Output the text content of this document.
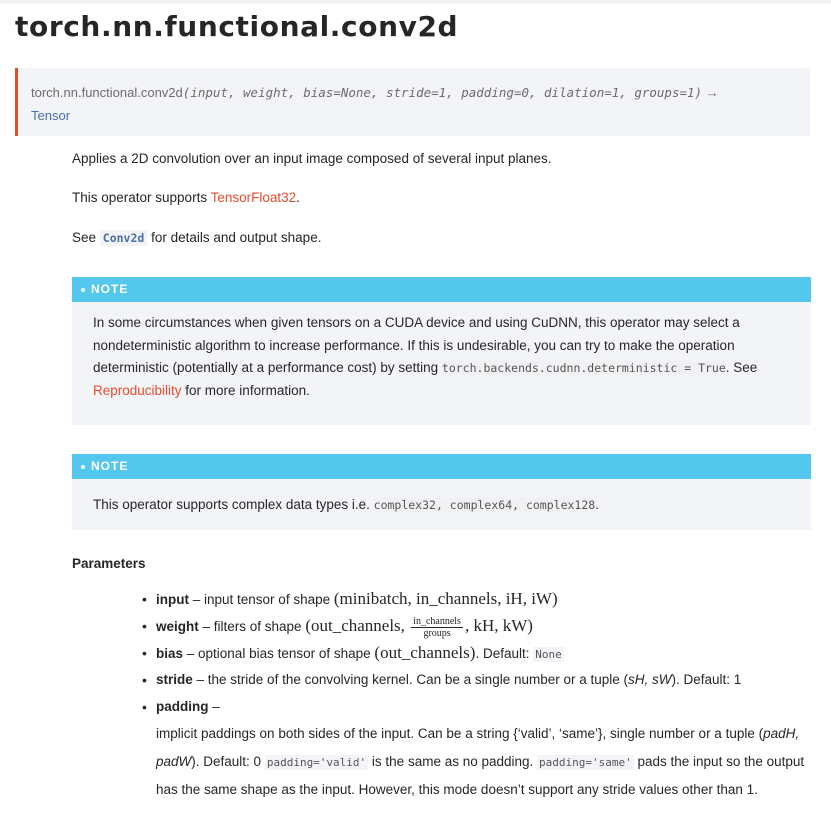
torch.nn.functional.conv2d
torch.nn.functional.conv2d(input, weight, bias=None, stride=1, padding=0, dilation=1, groups=1) →
Tensor
Applies a 2D convolution over an input image composed of several input planes.
This operator supports TensorFloat32.
See Conv2d for details and output shape.
NOTE
In some circumstances when given tensors on a CUDA device and using CuDNN, this operator may select a nondeterministic algorithm to increase performance. If this is undesirable, you can try to make the operation deterministic (potentially at a performance cost) by setting torch.backends.cudnn.deterministic = True. See Reproducibility for more information.
NOTE
This operator supports complex data types i.e. complex32, complex64, complex128.
Parameters
• input – input tensor of shape (minibatch, in_channels, iH, iW)
• weight – filters of shape (out_channels, $\frac{\text{in\_channels}}{\text{groups}}$ , kH, kW)
• bias – optional bias tensor of shape (out_channels). Default: None
• stride – the stride of the convolving kernel. Can be a single number or a tuple (sH, sW). Default: 1
• padding –
implicit paddings on both sides of the input. Can be a string {‘valid’, ‘same’}, single number or a tuple (padH, padW). Default: 0 padding='valid' is the same as no padding. padding='same' pads the input so the output has the same shape as the input. However, this mode doesn’t support any stride values other than 1.
